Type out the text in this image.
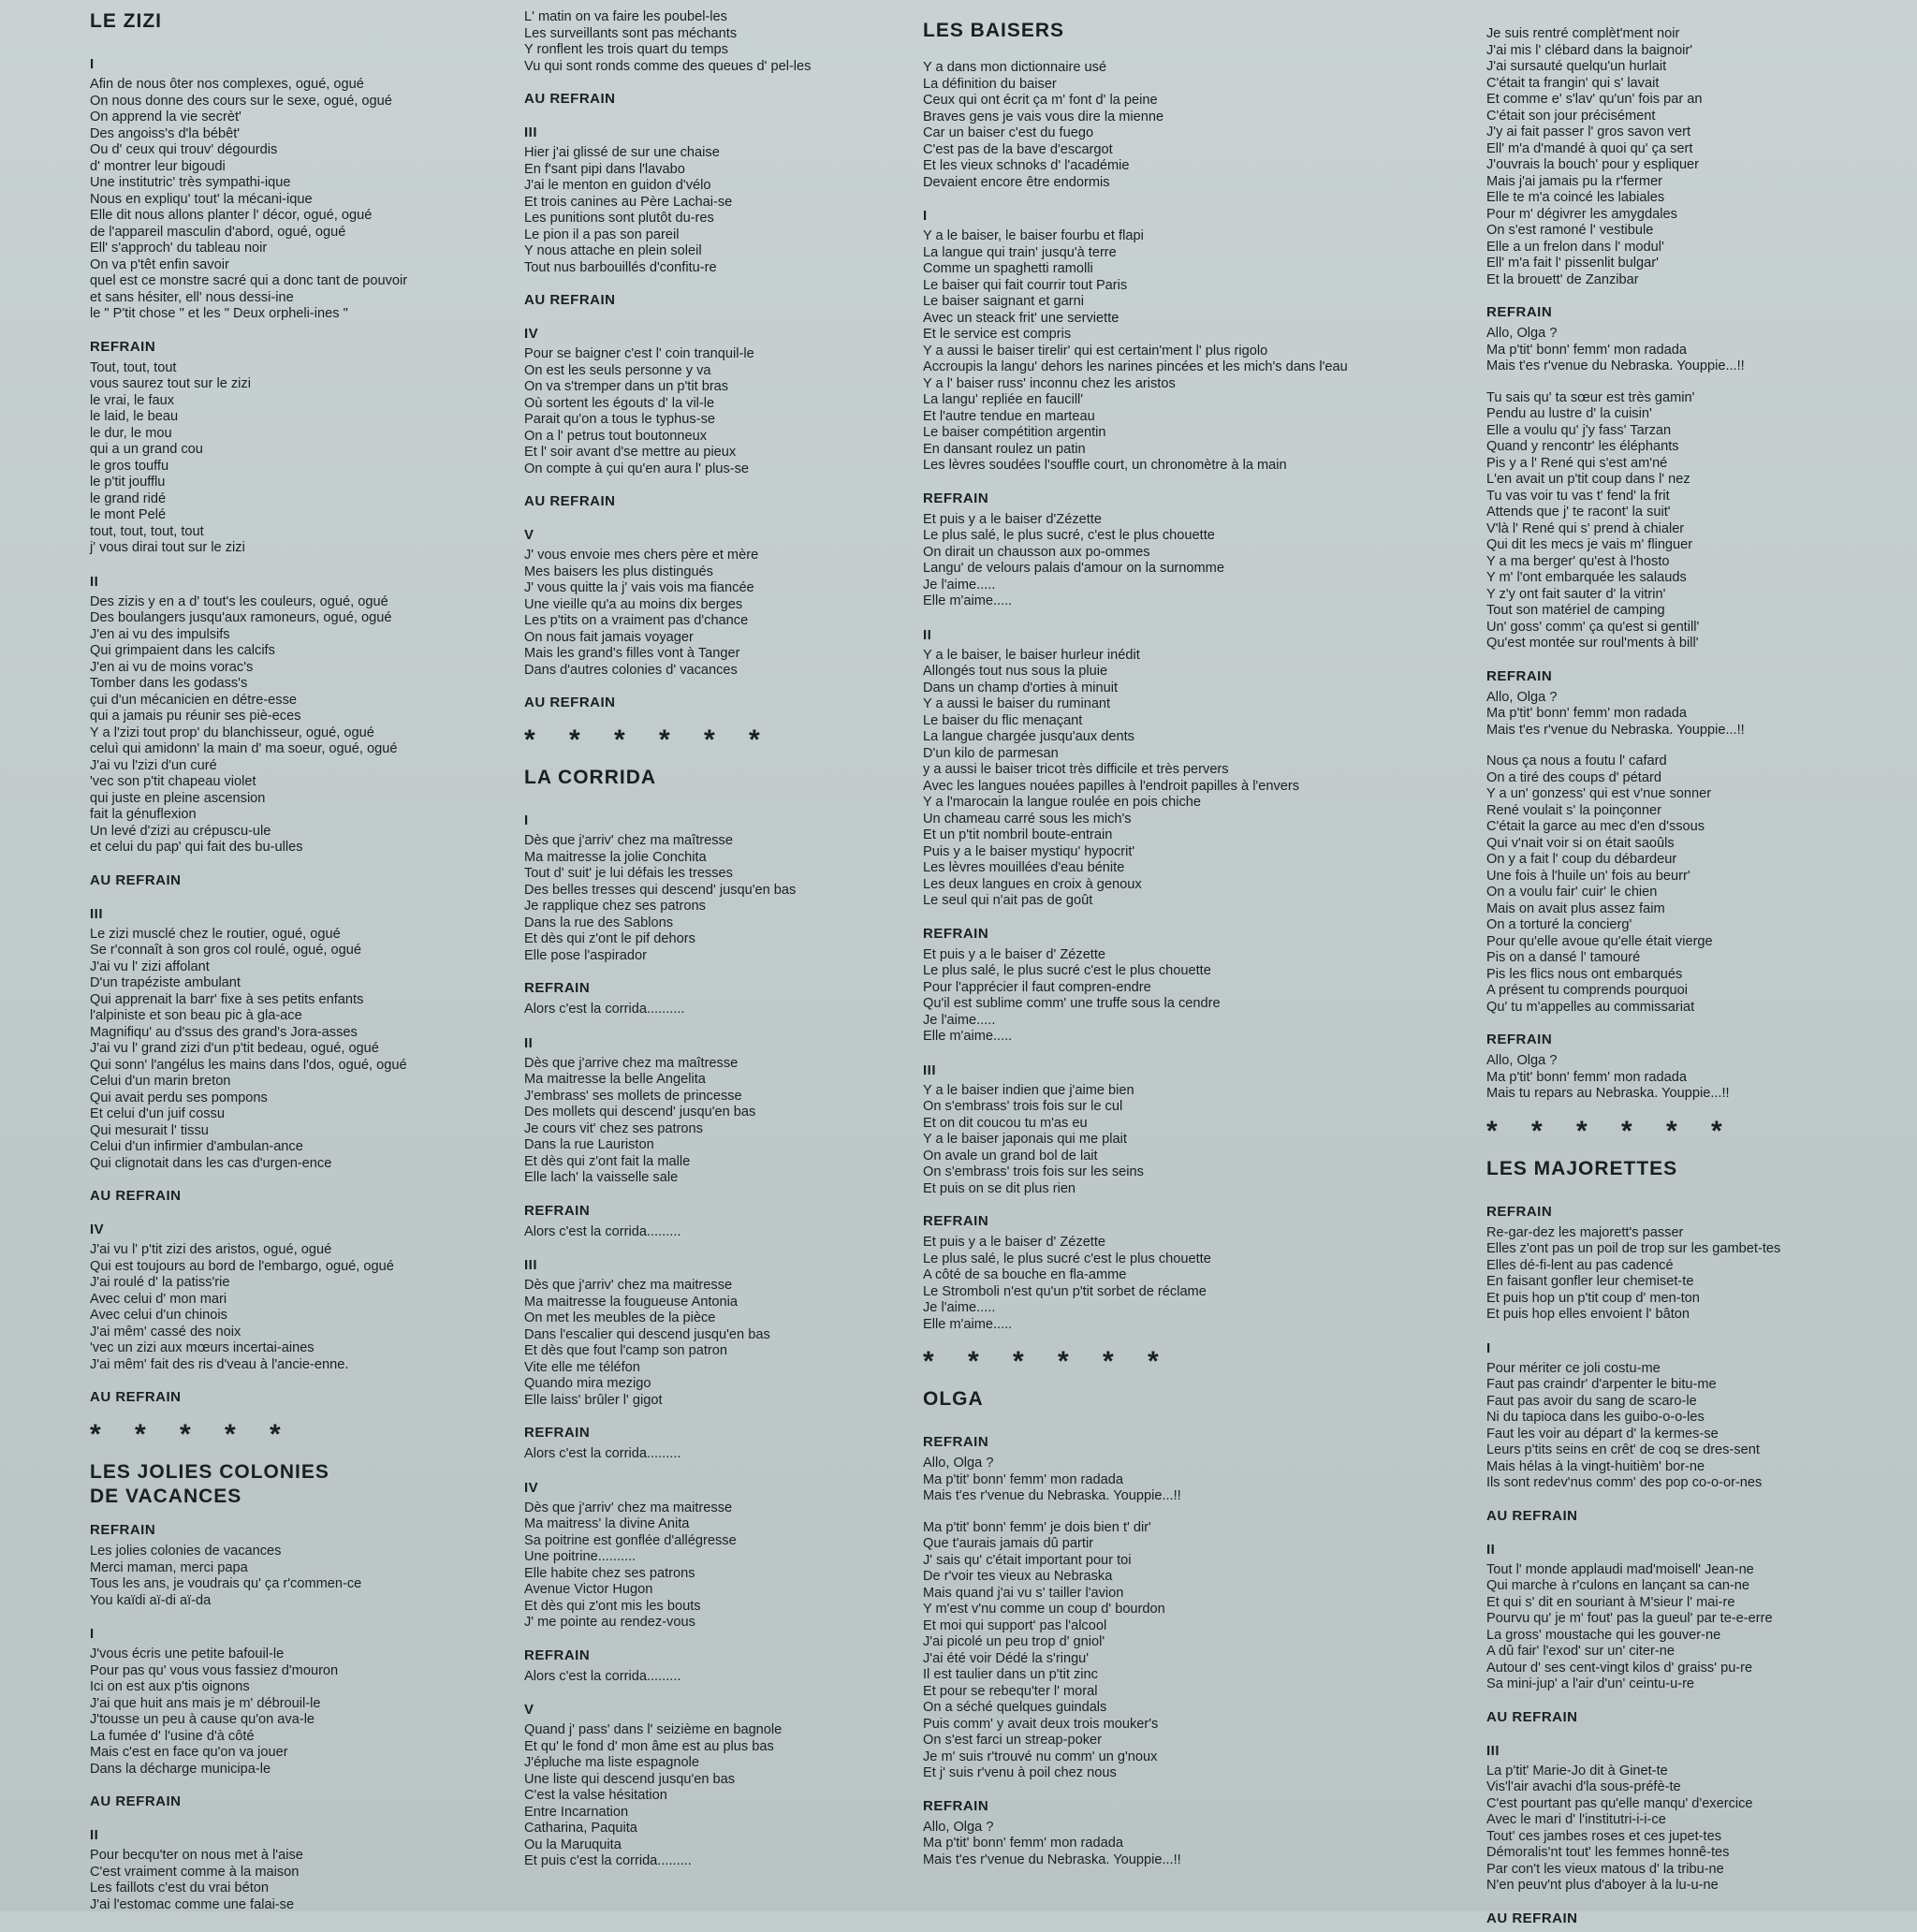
LE ZIZI
I
Afin de nous ôter nos complexes, ogué, ogué
On nous donne des cours sur le sexe, ogué, ogué
On apprend la vie secrèt'
Des angoiss's d'la bébêt'
Ou d' ceux qui trouv' dégourdis
d' montrer leur bigoudi
Une institutric' très sympathi-ique
Nous en expliqu' tout' la mécani-ique
Elle dit nous allons planter l' décor, ogué, ogué
de l'appareil masculin d'abord, ogué, ogué
Ell' s'approch' du tableau noir
On va p'têt enfin savoir
quel est ce monstre sacré qui a donc tant de pouvoir
et sans hésiter, ell' nous dessi-ine
le " P'tit chose " et les " Deux orpheli-ines "
REFRAIN
Tout, tout, tout
vous saurez tout sur le zizi
le vrai, le faux
le laid, le beau
le dur, le mou
qui a un grand cou
le gros touffu
le p'tit joufflu
le grand ridé
le mont Pelé
tout, tout, tout, tout
j' vous dirai tout sur le zizi
II
Des zizis y en a d' tout's les couleurs, ogué, ogué
Des boulangers jusqu'aux ramoneurs, ogué, ogué
J'en ai vu des impulsifs
Qui grimpaient dans les calcifs
J'en ai vu de moins vorac's
Tomber dans les godass's
çui d'un mécanicien en détre-esse
qui a jamais pu réunir ses piè-eces
Y a l'zizi tout prop' du blanchisseur, ogué, ogué
celuì qui amidonn' la main d' ma soeur, ogué, ogué
J'ai vu l'zizi d'un curé
'vec son p'tit chapeau violet
qui juste en pleine ascension
fait la génuflexion
Un levé d'zizi au crépuscu-ule
et celui du pap' qui fait des bu-ulles
AU REFRAIN
III
Le zizi musclé chez le routier, ogué, ogué
Se r'connaît à son gros col roulé, ogué, ogué
J'ai vu l' zizi affolant
D'un trapéziste ambulant
Qui apprenait la barr' fixe à ses petits enfants
l'alpiniste et son beau pic à gla-ace
Magnifiqu' au d'ssus des grand's Jora-asses
J'ai vu l' grand zizi d'un p'tit bedeau, ogué, ogué
Qui sonn' l'angélus les mains dans l'dos, ogué, ogué
Celui d'un marin breton
Qui avait perdu ses pompons
Et celui d'un juif cossu
Qui mesurait l' tissu
Celui d'un infirmier d'ambulan-ance
Qui clignotait dans les cas d'urgen-ence
AU REFRAIN
IV
J'ai vu l' p'tit zizi des aristos, ogué, ogué
Qui est toujours au bord de l'embargo, ogué, ogué
J'ai roulé d' la patiss'rie
Avec celui d' mon mari
Avec celui d'un chinois
J'ai mêm' cassé des noix
'vec un zizi aux mœurs incertai-aines
J'ai mêm' fait des ris d'veau à l'ancie-enne.
AU REFRAIN
* * * * *
LES JOLIES COLONIES
DE VACANCES
REFRAIN
Les jolies colonies de vacances
Merci maman, merci papa
Tous les ans, je voudrais qu' ça r'commen-ce
You kaïdi aï-di aï-da
I
J'vous écris une petite bafouil-le
Pour pas qu' vous vous fassiez d'mouron
Ici on est aux p'tis oignons
J'ai que huit ans mais je m' débrouil-le
J'tousse un peu à cause qu'on ava-le
La fumée d' l'usine d'à côté
Mais c'est en face qu'on va jouer
Dans la décharge municipa-le
AU REFRAIN
II
Pour becqu'ter on nous met à l'aise
C'est vraiment comme à la maison
Les faillots c'est du vrai béton
J'ai l'estomac comme une falai-se
L' matin on va faire les poubel-les
Les surveillants sont pas méchants
Y ronflent les trois quart du temps
Vu qui sont ronds comme des queues d' pel-les
AU REFRAIN
III
Hier j'ai glissé de sur une chaise
En f'sant pipi dans l'lavabo
J'ai le menton en guidon d'vélo
Et trois canines au Père Lachai-se
Les punitions sont plutôt du-res
Le pion il a pas son pareil
Y nous attache en plein soleil
Tout nus barbouillés d'confitu-re
AU REFRAIN
IV
Pour se baigner c'est l' coin tranquil-le
On est les seuls personne y va
On va s'tremper dans un p'tit bras
Où sortent les égouts d' la vil-le
Parait qu'on a tous le typhus-se
On a l' petrus tout boutonneux
Et l' soir avant d'se mettre au pieux
On compte à çui qu'en aura l' plus-se
AU REFRAIN
V
J' vous envoie mes chers père et mère
Mes baisers les plus distingués
J' vous quitte la j' vais vois ma fiancée
Une vieille qu'a au moins dix berges
Les p'tits on a vraiment pas d'chance
On nous fait jamais voyager
Mais les grand's filles vont à Tanger
Dans d'autres colonies d' vacances
AU REFRAIN
* * * * * *
LA CORRIDA
I
Dès que j'arriv' chez ma maîtresse
Ma maitresse la jolie Conchita
Tout d' suit' je lui défais les tresses
Des belles tresses qui descend' jusqu'en bas
Je rapplique chez ses patrons
Dans la rue des Sablons
Et dès qui z'ont le pif dehors
Elle pose l'aspirador
REFRAIN
Alors c'est la corrida..........
II
Dès que j'arrive chez ma maîtresse
Ma maitresse la belle Angelita
J'embrass' ses mollets de princesse
Des mollets qui descend' jusqu'en bas
Je cours vit' chez ses patrons
Dans la rue Lauriston
Et dès qui z'ont fait la malle
Elle lach' la vaisselle sale
REFRAIN
Alors c'est la corrida.........
III
Dès que j'arriv' chez ma maitresse
Ma maitresse la fougueuse Antonia
On met les meubles de la pièce
Dans l'escalier qui descend jusqu'en bas
Et dès que fout l'camp son patron
Vite elle me téléfon
Quando mira mezigo
Elle laiss' brûler l' gigot
REFRAIN
Alors c'est la corrida.........
IV
Dès que j'arriv' chez ma maitresse
Ma maitress' la divine Anita
Sa poitrine est gonflée d'allégresse
Une poitrine..........
Elle habite chez ses patrons
Avenue Victor Hugon
Et dès qui z'ont mis les bouts
J' me pointe au rendez-vous
REFRAIN
Alors c'est la corrida.........
V
Quand j' pass' dans l' seizième en bagnole
Et qu' le fond d' mon âme est au plus bas
J'épluche ma liste espagnole
Une liste qui descend jusqu'en bas
C'est la valse hésitation
Entre Incarnation
Catharina, Paquita
Ou la Maruquita
Et puis c'est la corrida.........
LES BAISERS
Y a dans mon dictionnaire usé
La définition du baiser
Ceux qui ont écrit ça m' font d' la peine
Braves gens je vais vous dire la mienne
Car un baiser c'est du fuego
C'est pas de la bave d'escargot
Et les vieux schnoks d' l'académie
Devaient encore être endormis
I
Y a le baiser, le baiser fourbu et flapi
La langue qui train' jusqu'à terre
Comme un spaghetti ramolli
Le baiser qui fait courrir tout Paris
Le baiser saignant et garni
Avec un steack frit' une serviette
Et le service est compris
Y a aussi le baiser tirelir' qui est certain'ment l' plus rigolo
Accroupis la langu' dehors les narines pincées et les mich's dans l'eau
Y a l' baiser russ' inconnu chez les aristos
La langu' repliée en faucill'
Et l'autre tendue en marteau
Le baiser compétition argentin
En dansant roulez un patin
Les lèvres soudées l'souffle court, un chronomètre à la main
REFRAIN
Et puis y a le baiser d'Zézette
Le plus salé, le plus sucré, c'est le plus chouette
On dirait un chausson aux po-ommes
Langu' de velours palais d'amour on la surnomme
Je l'aime.....
Elle m'aime.....
II
Y a le baiser, le baiser hurleur inédit
Allongés tout nus sous la pluie
Dans un champ d'orties à minuit
Y a aussi le baiser du ruminant
Le baiser du flic menaçant
La langue chargée jusqu'aux dents
D'un kilo de parmesan
y a aussi le baiser tricot très difficile et très pervers
Avec les langues nouées papilles à l'endroit papilles à l'envers
Y a l'marocain la langue roulée en pois chiche
Un chameau carré sous les mich's
Et un p'tit nombril boute-entrain
Puis y a le baiser mystiqu' hypocrit'
Les lèvres mouillées d'eau bénite
Les deux langues en croix à genoux
Le seul qui n'ait pas de goût
REFRAIN
Et puis y a le baiser d' Zézette
Le plus salé, le plus sucré c'est le plus chouette
Pour l'apprécier il faut compren-endre
Qu'il est sublime comm' une truffe sous la cendre
Je l'aime.....
Elle m'aime.....
III
Y a le baiser indien que j'aime bien
On s'embrass' trois fois sur le cul
Et on dit coucou tu m'as eu
Y a le baiser japonais qui me plait
On avale un grand bol de lait
On s'embrass' trois fois sur les seins
Et puis on se dit plus rien
REFRAIN
Et puis y a le baiser d' Zézette
Le plus salé, le plus sucré c'est le plus chouette
A côté de sa bouche en fla-amme
Le Stromboli n'est qu'un p'tit sorbet de réclame
Je l'aime.....
Elle m'aime.....
* * * * * *
OLGA
REFRAIN
Allo, Olga ?
Ma p'tit' bonn' femm' mon radada
Mais t'es r'venue du Nebraska. Youppie...!!
Ma p'tit' bonn' femm' je dois bien t' dir'
Que t'aurais jamais dû partir
J' sais qu' c'était important pour toi
De r'voir tes vieux au Nebraska
Mais quand j'ai vu s' tailler l'avion
Y m'est v'nu comme un coup d' bourdon
Et moi qui support' pas l'alcool
J'ai picolé un peu trop d' gniol'
J'ai été voir Dédé la s'ringu'
Il est taulier dans un p'tit zinc
Et pour se rebequ'ter l' moral
On a séché quelques guindals
Puis comm' y avait deux trois mouker's
On s'est farci un streap-poker
Je m' suis r'trouvé nu comm' un g'noux
Et j' suis r'venu à poil chez nous
REFRAIN
Allo, Olga ?
Ma p'tit' bonn' femm' mon radada
Mais t'es r'venue du Nebraska. Youppie...!!
Je suis rentré complèt'ment noir
J'ai mis l' clébard dans la baignoir'
J'ai sursauté quelqu'un hurlait
C'était ta frangin' qui s' lavait
Et comme e' s'lav' qu'un' fois par an
C'était son jour précisément
J'y ai fait passer l' gros savon vert
Ell' m'a d'mandé à quoi qu' ça sert
J'ouvrais la bouch' pour y espliquer
Mais j'ai jamais pu la r'fermer
Elle te m'a coincé les labiales
Pour m' dégivrer les amygdales
On s'est ramoné l' vestibule
Elle a un frelon dans l' modul'
Ell' m'a fait l' pissenlit bulgar'
Et la brouett' de Zanzibar
REFRAIN
Allo, Olga ?
Ma p'tit' bonn' femm' mon radada
Mais t'es r'venue du Nebraska. Youppie...!!
Tu sais qu' ta sœur est très gamin'
Pendu au lustre d' la cuisin'
Elle a voulu qu' j'y fass' Tarzan
Quand y rencontr' les éléphants
Pis y a l' René qui s'est am'né
L'en avait un p'tit coup dans l' nez
Tu vas voir tu vas t' fend' la frit
Attends que j' te racont' la suit'
V'là l' René qui s' prend à chialer
Qui dit les mecs je vais m' flinguer
Y a ma berger' qu'est à l'hosto
Y m' l'ont embarquée les salauds
Y z'y ont fait sauter d' la vitrin'
Tout son matériel de camping
Un' goss' comm' ça qu'est si gentill'
Qu'est montée sur roul'ments à bill'
REFRAIN
Allo, Olga ?
Ma p'tit' bonn' femm' mon radada
Mais t'es r'venue du Nebraska. Youppie...!!
Nous ça nous a foutu l' cafard
On a tiré des coups d' pétard
Y a un' gonzess' qui est v'nue sonner
René voulait s' la poinçonner
C'était la garce au mec d'en d'ssous
Qui v'nait voir si on était saoûls
On y a fait l' coup du débardeur
Une fois à l'huile un' fois au beurr'
On a voulu fair' cuir' le chien
Mais on avait plus assez faim
On a torturé la concierg'
Pour qu'elle avoue qu'elle était vierge
Pis on a dansé l' tamouré
Pis les flics nous ont embarqués
A présent tu comprends pourquoi
Qu' tu m'appelles au commissariat
REFRAIN
Allo, Olga ?
Ma p'tit' bonn' femm' mon radada
Mais tu repars au Nebraska. Youppie...!!
* * * * * *
LES MAJORETTES
REFRAIN
Re-gar-dez les majorett's passer
Elles z'ont pas un poil de trop sur les gambet-tes
Elles dé-fi-lent au pas cadencé
En faisant gonfler leur chemiset-te
Et puis hop un p'tit coup d' men-ton
Et puis hop elles envoient l' bâton
I
Pour mériter ce joli costu-me
Faut pas craindr' d'arpenter le bitu-me
Faut pas avoir du sang de scaro-le
Ni du tapioca dans les guibo-o-o-les
Faut les voir au départ d' la kermes-se
Leurs p'tits seins en crêt' de coq se dres-sent
Mais hélas à la vingt-huitièm' bor-ne
Ils sont redev'nus comm' des pop co-o-or-nes
AU REFRAIN
II
Tout l' monde applaudi mad'moisell' Jean-ne
Qui marche à r'culons en lançant sa can-ne
Et qui s' dit en souriant à M'sieur l' mai-re
Pourvu qu' je m' fout' pas la gueul' par te-e-erre
La gross' moustache qui les gouver-ne
A dû fair' l'exod' sur un' citer-ne
Autour d' ses cent-vingt kilos d' graiss' pu-re
Sa mini-jup' a l'air d'un' ceintu-u-re
AU REFRAIN
III
La p'tit' Marie-Jo dit à Ginet-te
Vis'l'air avachi d'la sous-préfè-te
C'est pourtant pas qu'elle manqu' d'exercice
Avec le mari d' l'institutri-i-i-ce
Tout' ces jambes roses et ces jupet-tes
Démoralis'nt tout' les femmes honnê-tes
Par con't les vieux matous d' la tribu-ne
N'en peuv'nt plus d'aboyer à la lu-u-ne
AU REFRAIN
